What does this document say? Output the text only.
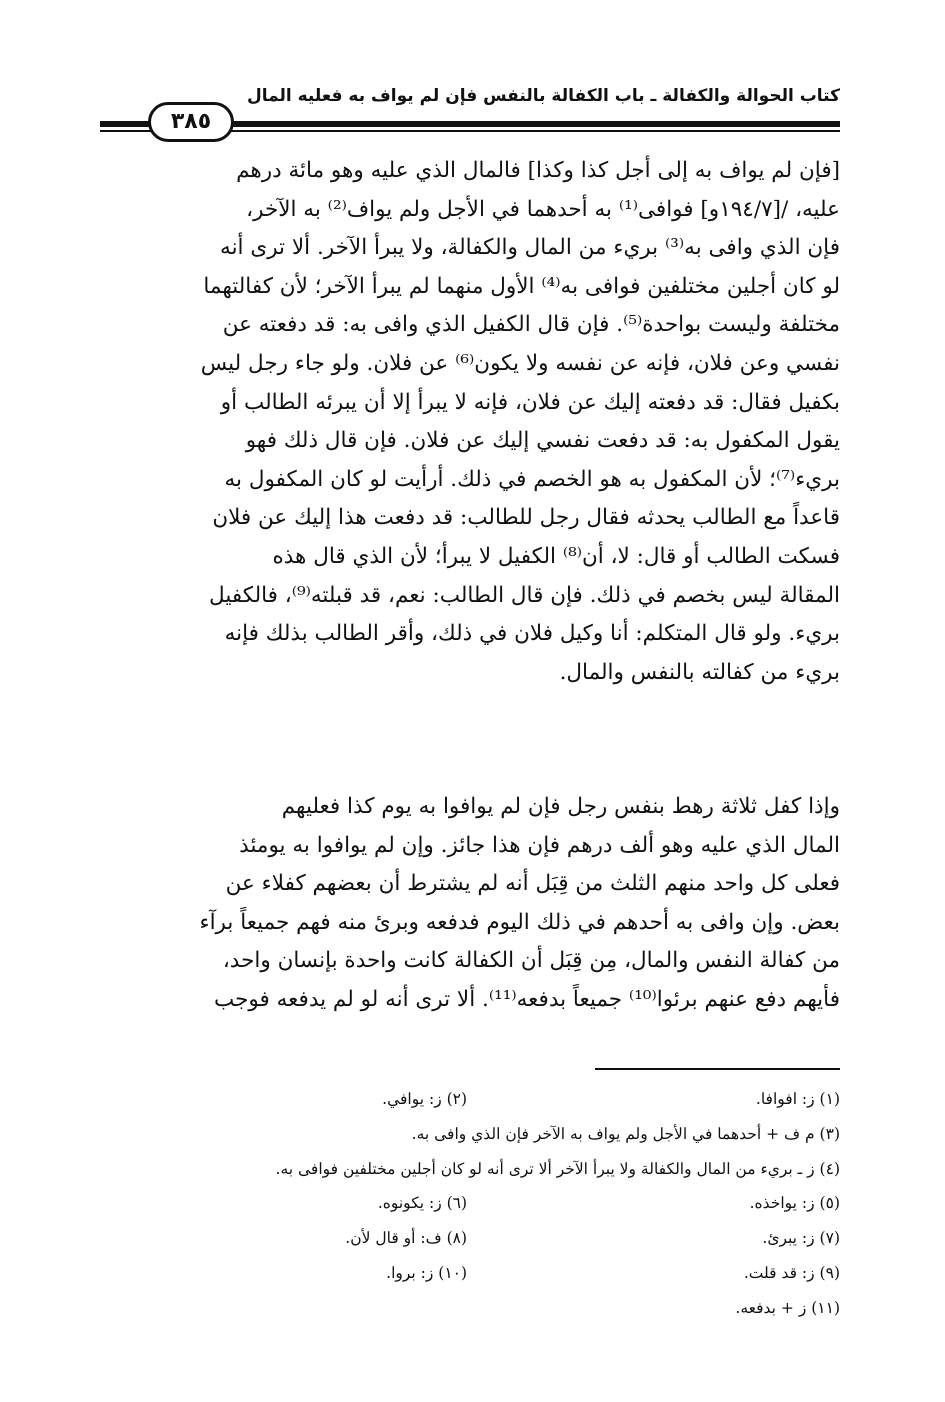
كتاب الحوالة والكفالة ـ باب الكفالة بالنفس فإن لم يواف به فعليه المال
٣٨٥
[فإن لم يواف به إلى أجل كذا وكذا] فالمال الذي عليه وهو مائة درهم
عليه، /[١٩٤/٧و] فوافى⁽¹⁾ به أحدهما في الأجل ولم يواف⁽²⁾ به الآخر،
فإن الذي وافى به⁽³⁾ بريء من المال والكفالة، ولا يبرأ الآخر. ألا ترى أنه
لو كان أجلين مختلفين فوافى به⁽⁴⁾ الأول منهما لم يبرأ الآخر؛ لأن كفالتهما
مختلفة وليست بواحدة⁽⁵⁾. فإن قال الكفيل الذي وافى به: قد دفعته عن
نفسي وعن فلان، فإنه عن نفسه ولا يكون⁽⁶⁾ عن فلان. ولو جاء رجل ليس
بكفيل فقال: قد دفعته إليك عن فلان، فإنه لا يبرأ إلا أن يبرئه الطالب أو
يقول المكفول به: قد دفعت نفسي إليك عن فلان. فإن قال ذلك فهو
بريء⁽⁷⁾؛ لأن المكفول به هو الخصم في ذلك. أرأيت لو كان المكفول به
قاعداً مع الطالب يحدثه فقال رجل للطالب: قد دفعت هذا إليك عن فلان
فسكت الطالب أو قال: لا، أن⁽⁸⁾ الكفيل لا يبرأ؛ لأن الذي قال هذه
المقالة ليس بخصم في ذلك. فإن قال الطالب: نعم، قد قبلته⁽⁹⁾، فالكفيل
بريء. ولو قال المتكلم: أنا وكيل فلان في ذلك، وأقر الطالب بذلك فإنه
بريء من كفالته بالنفس والمال.
وإذا كفل ثلاثة رهط بنفس رجل فإن لم يوافوا به يوم كذا فعليهم
المال الذي عليه وهو ألف درهم فإن هذا جائز. وإن لم يوافوا به يومئذ
فعلى كل واحد منهم الثلث من قِبَل أنه لم يشترط أن بعضهم كفلاء عن
بعض. وإن وافى به أحدهم في ذلك اليوم فدفعه وبرئ منه فهم جميعاً برآء
من كفالة النفس والمال، مِن قِبَل أن الكفالة كانت واحدة بإنسان واحد،
فأيهم دفع عنهم برئوا⁽¹⁰⁾ جميعاً بدفعه⁽¹¹⁾. ألا ترى أنه لو لم يدفعه فوجب
(١) ز: افوافا. (٢) ز: يوافي.
(٣) م ف + أحدهما في الأجل ولم يواف به الآخر فإن الذي وافى به.
(٤) ز ـ بريء من المال والكفالة ولا يبرأ الآخر ألا ترى أنه لو كان أجلين مختلفين فوافى به.
(٥) ز: يواخذه. (٦) ز: يكونوه.
(٧) ز: يبرئ. (٨) ف: أو قال لأن.
(٩) ز: قد قلت. (١٠) ز: بروا.
(١١) ز + بدفعه.
